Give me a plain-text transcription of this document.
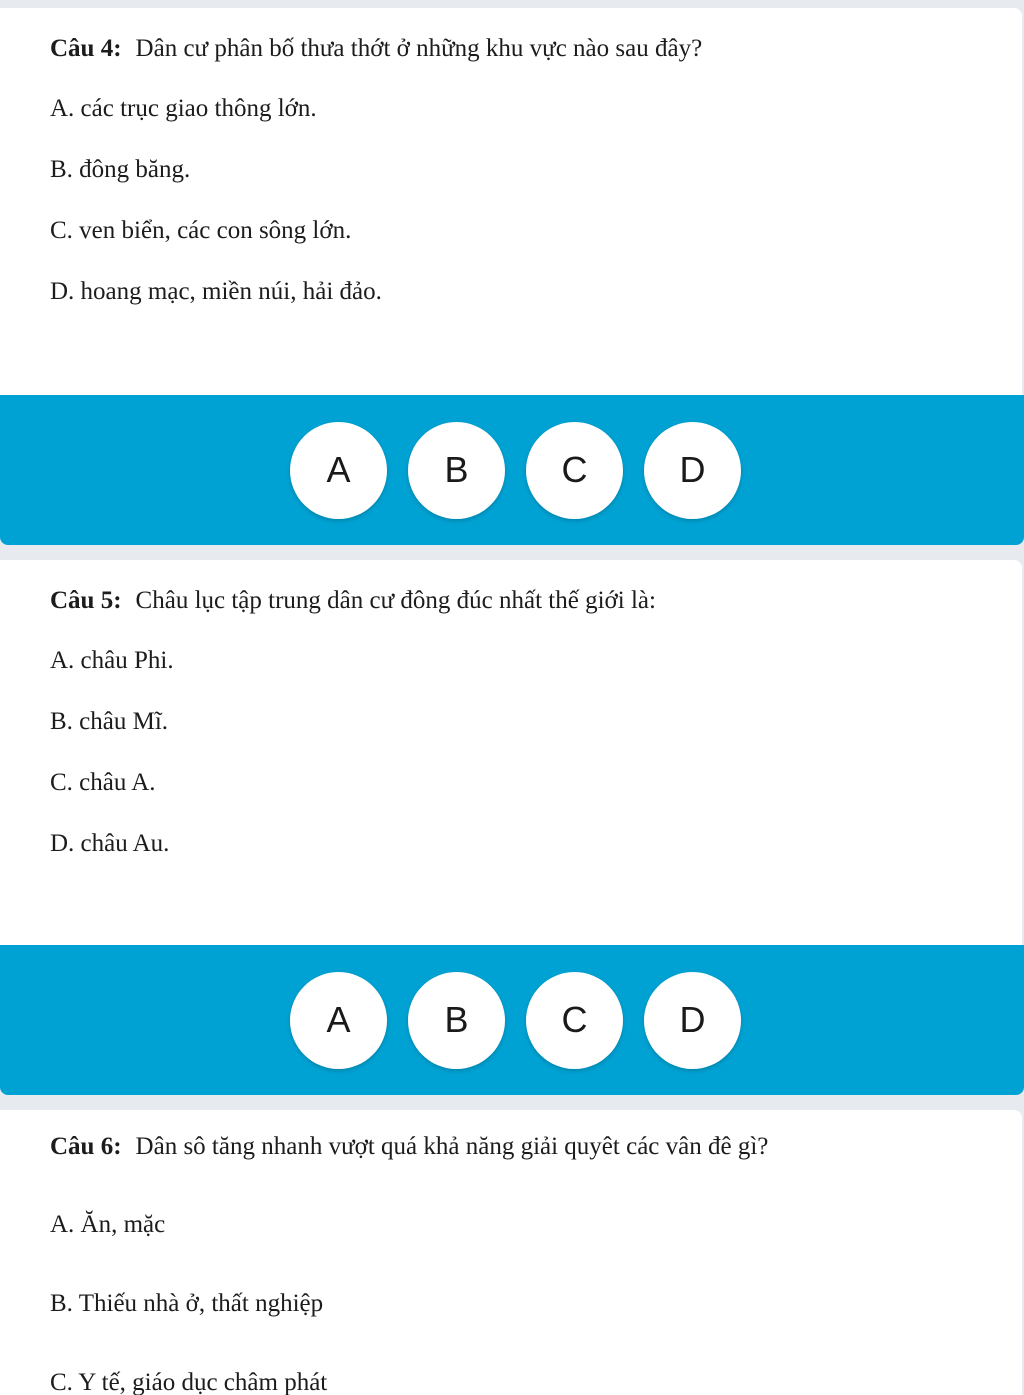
Câu 4: Dân cư phân bố thưa thớt ở những khu vực nào sau đây?

A. các trục giao thông lớn.
B. đông băng.
C. ven biển, các con sông lớn.
D. hoang mạc, miền núi, hải đảo.
A	B	C	D

Câu 5: Châu lục tập trung dân cư đông đúc nhất thế giới là:

A. châu Phi.
B. châu Mĩ.
C. châu A.
D. châu Au.
A	B	C	D

Câu 6: Dân sô tăng nhanh vượt quá khả năng giải quyêt các vân đê gì?

A. Ăn, mặc
B. Thiếu nhà ở, thất nghiệp
C. Y tế, giáo dục châm phát
